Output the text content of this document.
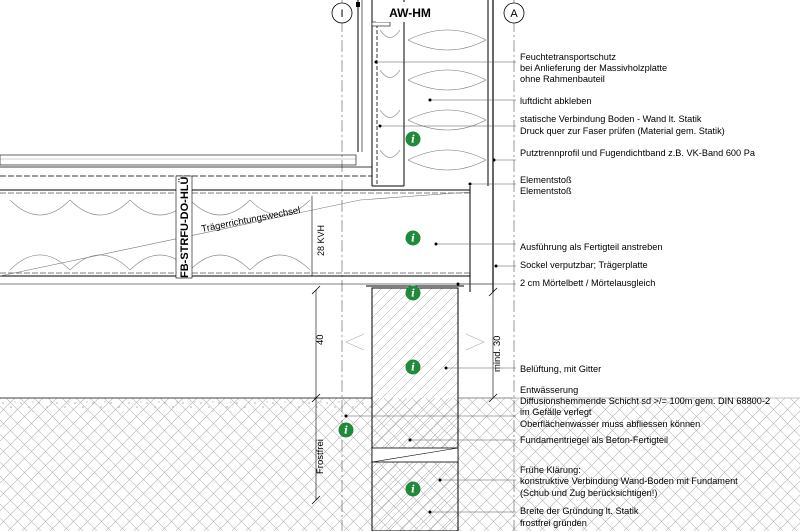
I	A
AW-HM
FB-STRFU-DO-HLÜ Trägerrichtungswechsel
28 KVH
40
Frostfrei
mind. 30
i
i
i
i
i
i
Feuchtetransportschutz
bei Anlieferung der Massivholzplatte
ohne Rahmenbauteil
luftdicht abkleben
statische Verbindung Boden - Wand lt. Statik
Druck quer zur Faser prüfen (Material gem. Statik)
Putztrennprofil und Fugendichtband z.B. VK-Band 600 Pa
Elementstoß
Elementstoß
Ausführung als Fertigteil anstreben
Sockel verputzbar; Trägerplatte
2 cm Mörtelbett / Mörtelausgleich
Belüftung, mit Gitter
Entwässerung
Diffusionshemmende Schicht sd >/= 100m gem. DIN 68800-2
im Gefälle verlegt
Oberflächenwasser muss abfliessen können
Fundamentriegel als Beton-Fertigteil
Frühe Klärung:
konstruktive Verbindung Wand-Boden mit Fundament
(Schub und Zug berücksichtigen!)
Breite der Gründung lt. Statik
frostfrei gründen
